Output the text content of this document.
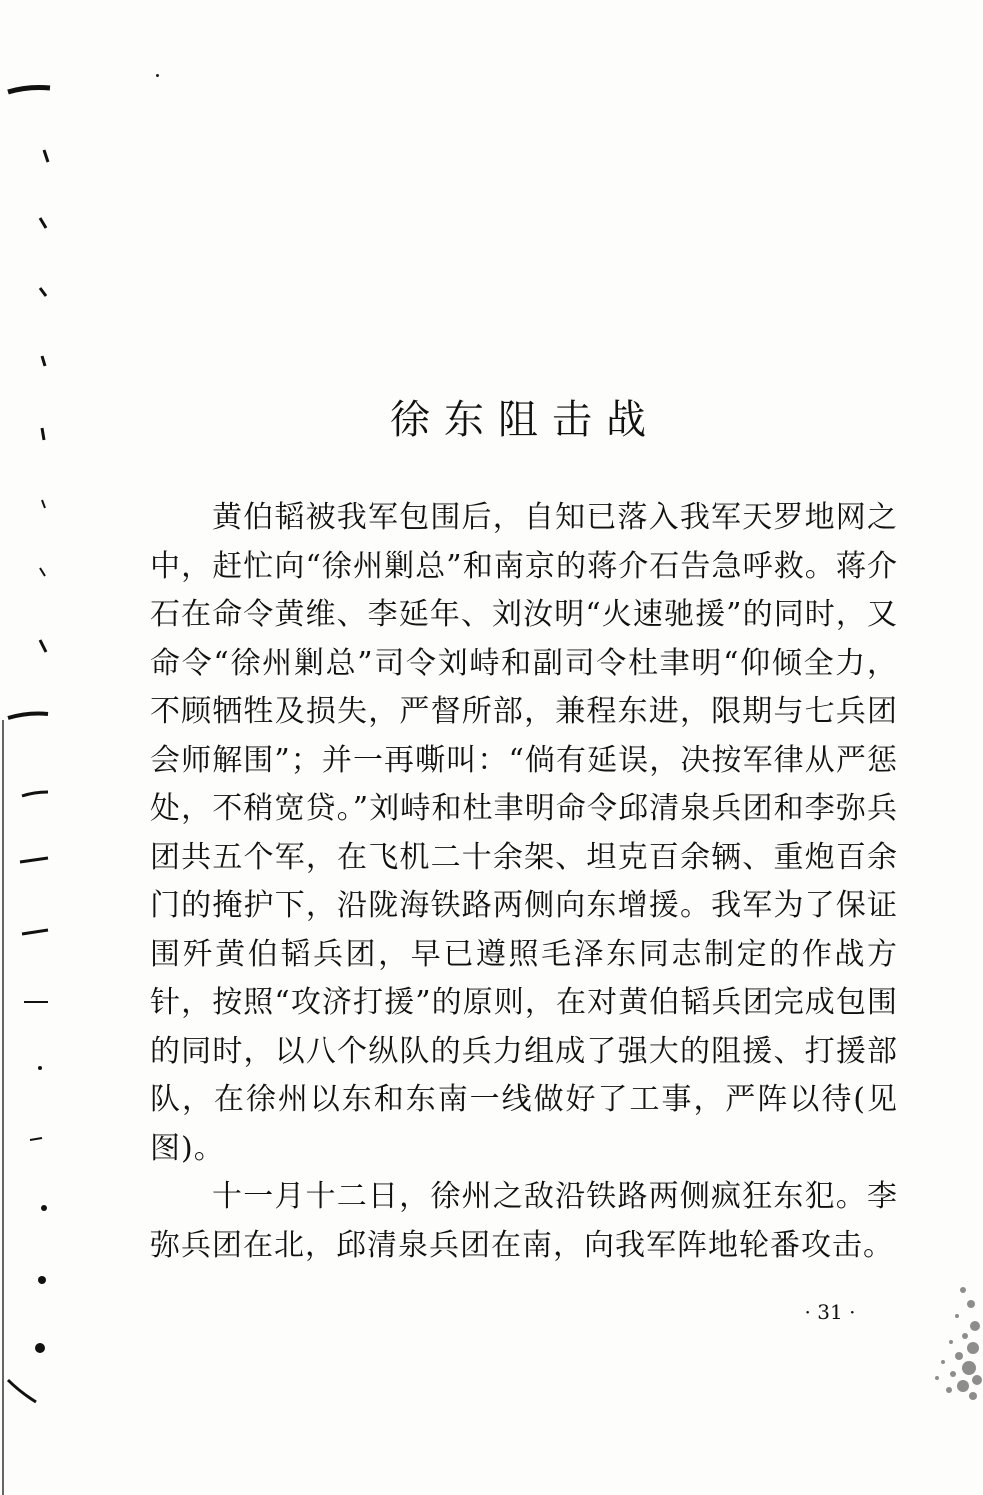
徐东阻击战

黄伯韬被我军包围后，自知已落入我军天罗地网之中，赶忙向“徐州剿总”和南京的蒋介石告急呼救。蒋介石在命令黄维、李延年、刘汝明“火速驰援”的同时，又命令“徐州剿总”司令刘峙和副司令杜聿明“仰倾全力，不顾牺牲及损失，严督所部，兼程东进，限期与七兵团会师解围”；并一再嘶叫：“倘有延误，决按军律从严惩处，不稍宽贷。”刘峙和杜聿明命令邱清泉兵团和李弥兵团共五个军，在飞机二十余架、坦克百余辆、重炮百余门的掩护下，沿陇海铁路两侧向东增援。我军为了保证围歼黄伯韬兵团，早已遵照毛泽东同志制定的作战方针，按照“攻济打援”的原则，在对黄伯韬兵团完成包围的同时，以八个纵队的兵力组成了强大的阻援、打援部队，在徐州以东和东南一线做好了工事，严阵以待(见图)。

十一月十二日，徐州之敌沿铁路两侧疯狂东犯。李弥兵团在北，邱清泉兵团在南，向我军阵地轮番攻击。

· 31 ·
